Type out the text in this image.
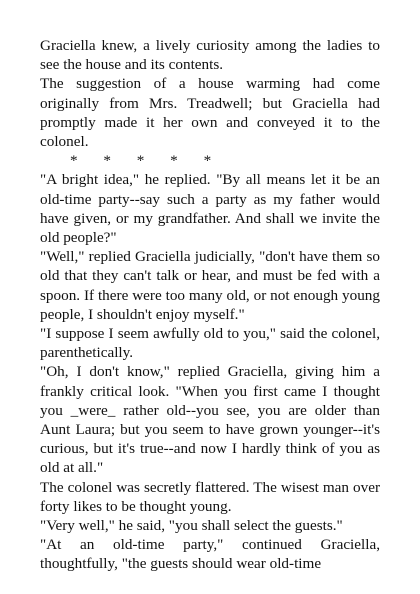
Graciella knew, a lively curiosity among the ladies to see the house and its contents.

The suggestion of a house warming had come originally from Mrs. Treadwell; but Graciella had promptly made it her own and conveyed it to the colonel.

* * * * *

"A bright idea," he replied. "By all means let it be an old-time party--say such a party as my father would have given, or my grandfather. And shall we invite the old people?"

"Well," replied Graciella judicially, "don't have them so old that they can't talk or hear, and must be fed with a spoon. If there were too many old, or not enough young people, I shouldn't enjoy myself."

"I suppose I seem awfully old to you," said the colonel, parenthetically.

"Oh, I don't know," replied Graciella, giving him a frankly critical look. "When you first came I thought you _were_ rather old--you see, you are older than Aunt Laura; but you seem to have grown younger--it's curious, but it's true--and now I hardly think of you as old at all."

The colonel was secretly flattered. The wisest man over forty likes to be thought young.

"Very well," he said, "you shall select the guests."

"At an old-time party," continued Graciella, thoughtfully, "the guests should wear old-time
